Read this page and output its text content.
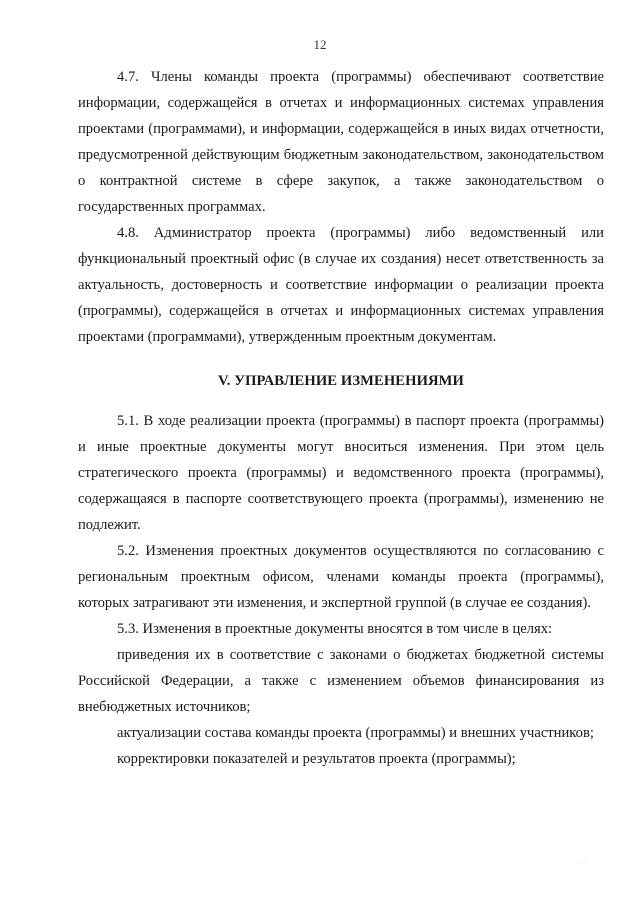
12

4.7. Члены команды проекта (программы) обеспечивают соответствие информации, содержащейся в отчетах и информационных системах управления проектами (программами), и информации, содержащейся в иных видах отчетности, предусмотренной действующим бюджетным законодательством, законодательством о контрактной системе в сфере закупок, а также законодательством о государственных программах.

4.8. Администратор проекта (программы) либо ведомственный или функциональный проектный офис (в случае их создания) несет ответственность за актуальность, достоверность и соответствие информации о реализации проекта (программы), содержащейся в отчетах и информационных системах управления проектами (программами), утвержденным проектным документам.

V. УПРАВЛЕНИЕ ИЗМЕНЕНИЯМИ

5.1. В ходе реализации проекта (программы) в паспорт проекта (программы) и иные проектные документы могут вноситься изменения. При этом цель стратегического проекта (программы) и ведомственного проекта (программы), содержащаяся в паспорте соответствующего проекта (программы), изменению не подлежит.

5.2. Изменения проектных документов осуществляются по согласованию с региональным проектным офисом, членами команды проекта (программы), которых затрагивают эти изменения, и экспертной группой (в случае ее создания).

5.3. Изменения в проектные документы вносятся в том числе в целях:

приведения их в соответствие с законами о бюджетах бюджетной системы Российской Федерации, а также с изменением объемов финансирования из внебюджетных источников;

актуализации состава команды проекта (программы) и внешних участников;

корректировки показателей и результатов проекта (программы);

· ·
